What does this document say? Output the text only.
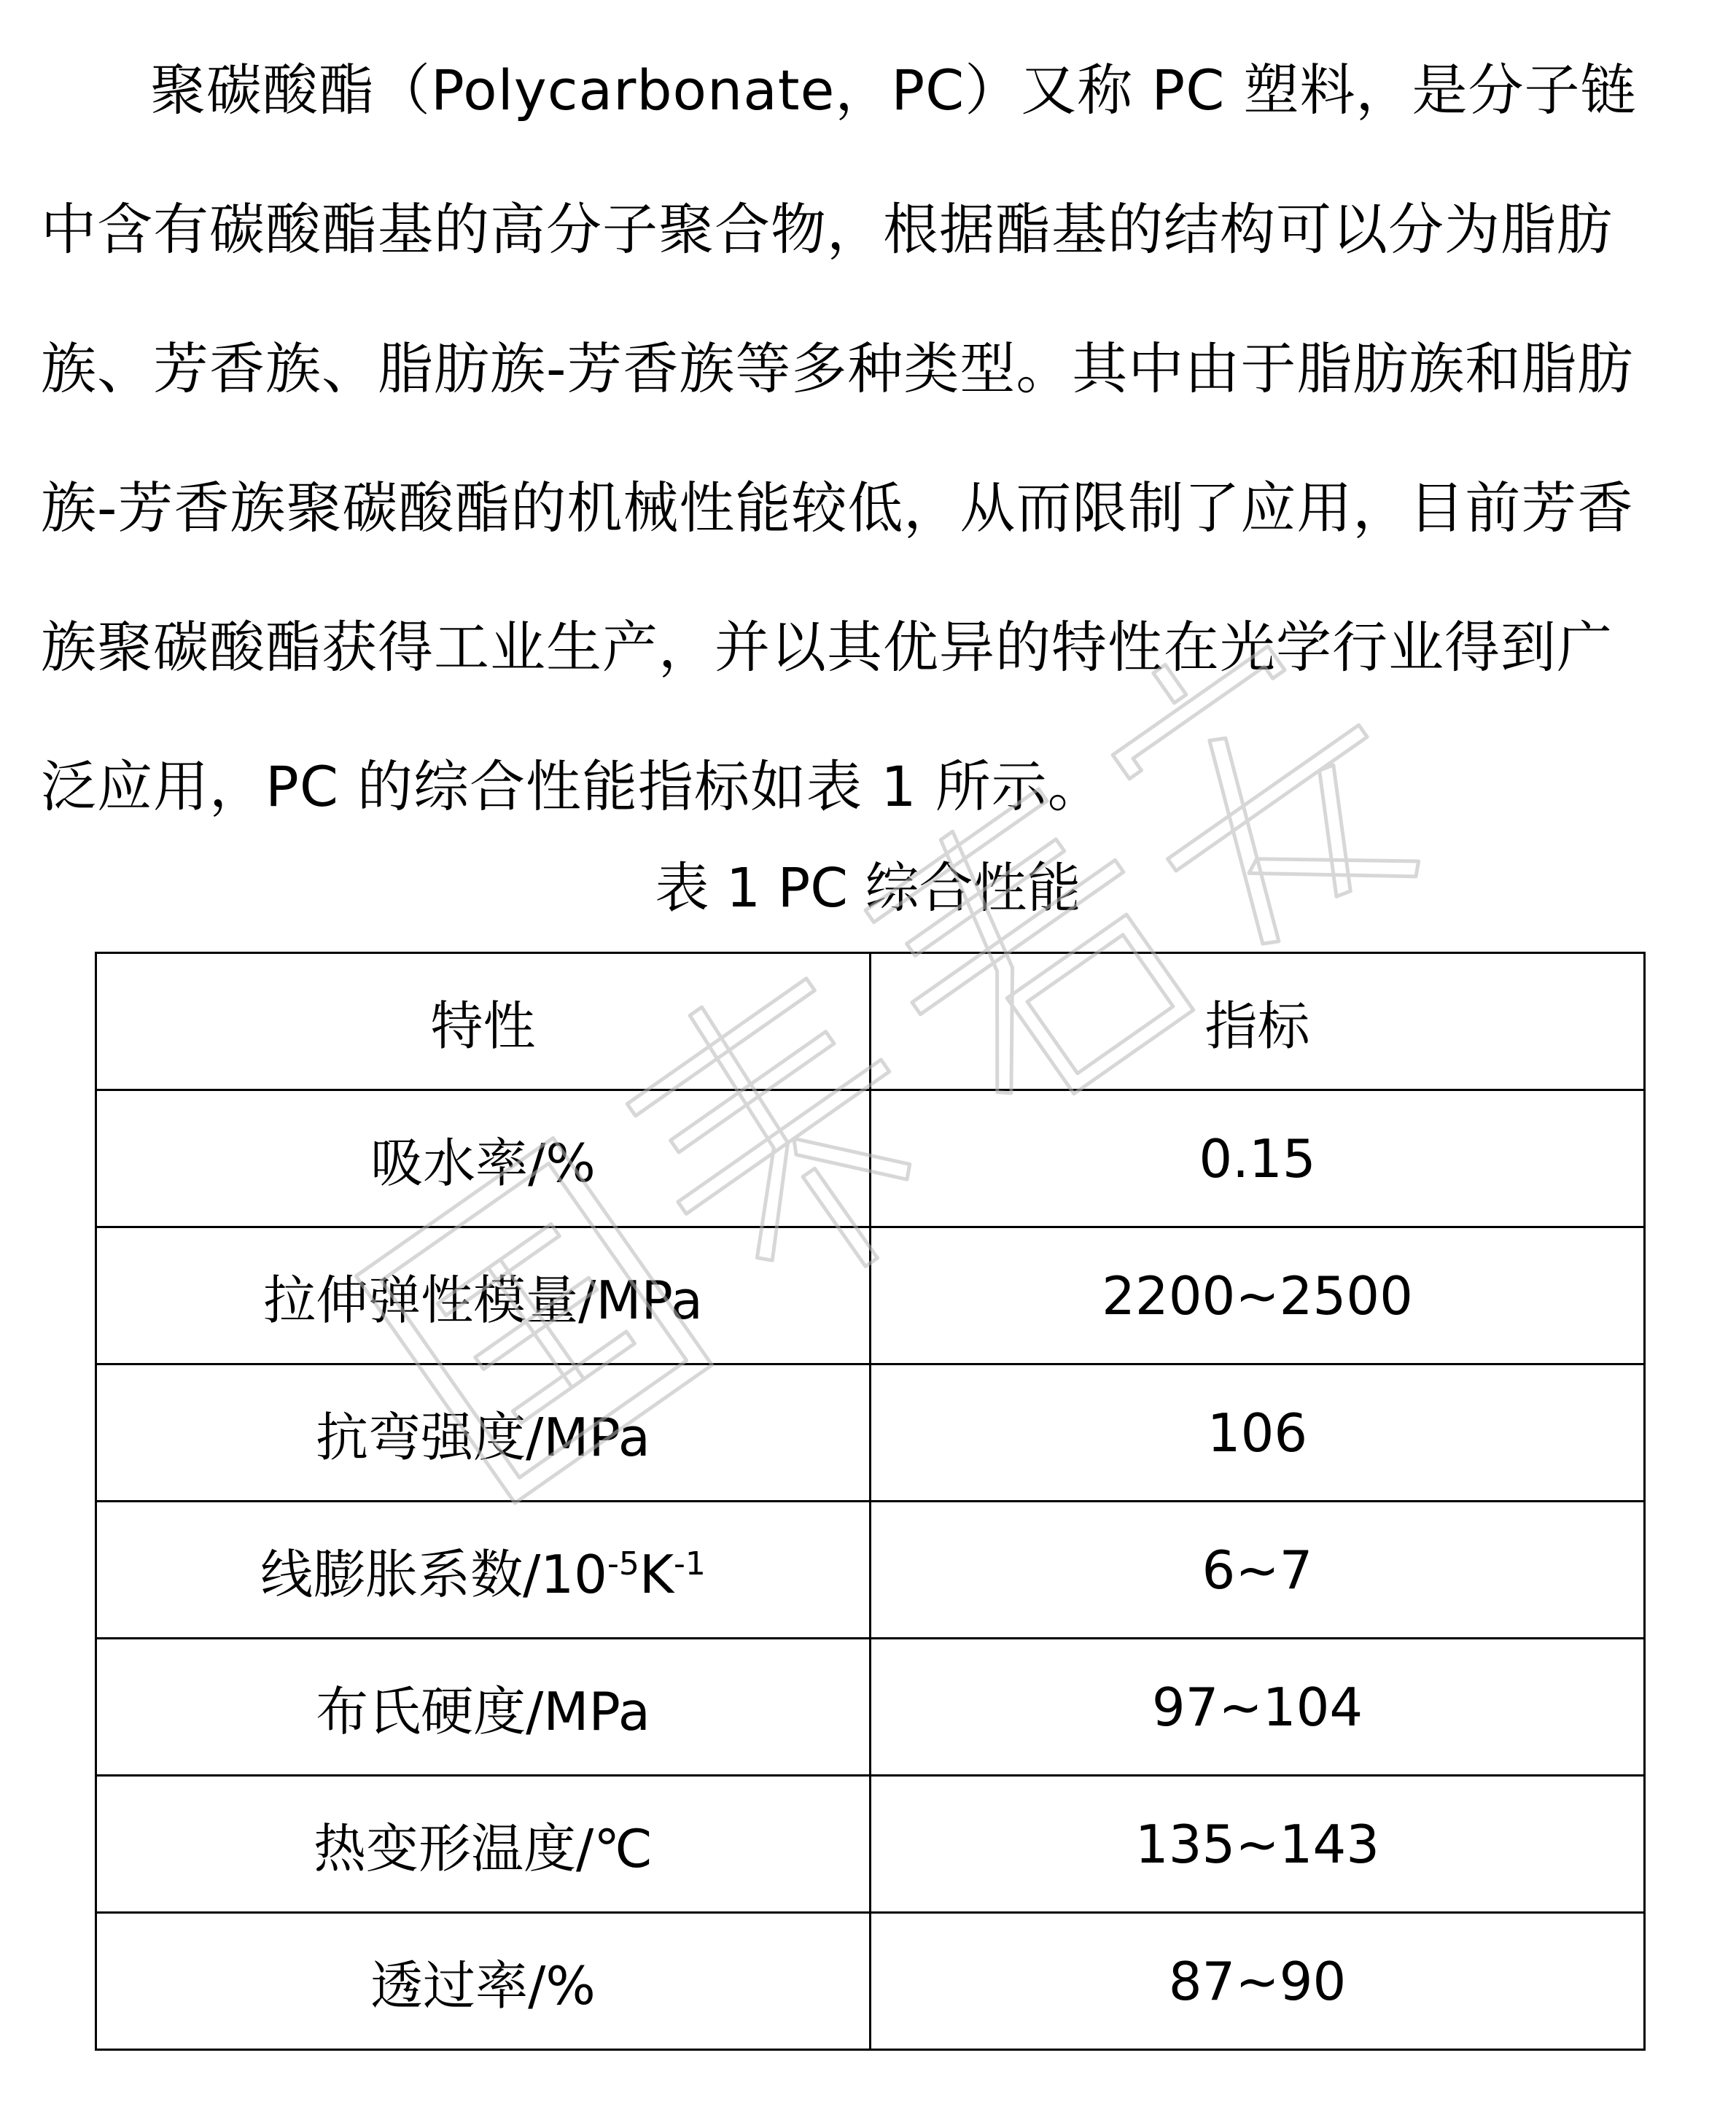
聚碳酸酯（Polycarbonate，PC）又称 PC 塑料，是分子链
中含有碳酸酯基的高分子聚合物，根据酯基的结构可以分为脂肪
族、芳香族、脂肪族-芳香族等多种类型。其中由于脂肪族和脂肪
族-芳香族聚碳酸酯的机械性能较低，从而限制了应用，目前芳香
族聚碳酸酯获得工业生产，并以其优异的特性在光学行业得到广
泛应用，PC 的综合性能指标如表 1 所示。

表 1 PC 综合性能

特性	指标
吸水率/%	0.15
拉伸弹性模量/MPa	2200~2500
抗弯强度/MPa	106
线膨胀系数$/10^{-5}K^{-1}$	6~7
布氏硬度/MPa	97~104
热变形温度/℃	135~143
透过率/%	87~90
